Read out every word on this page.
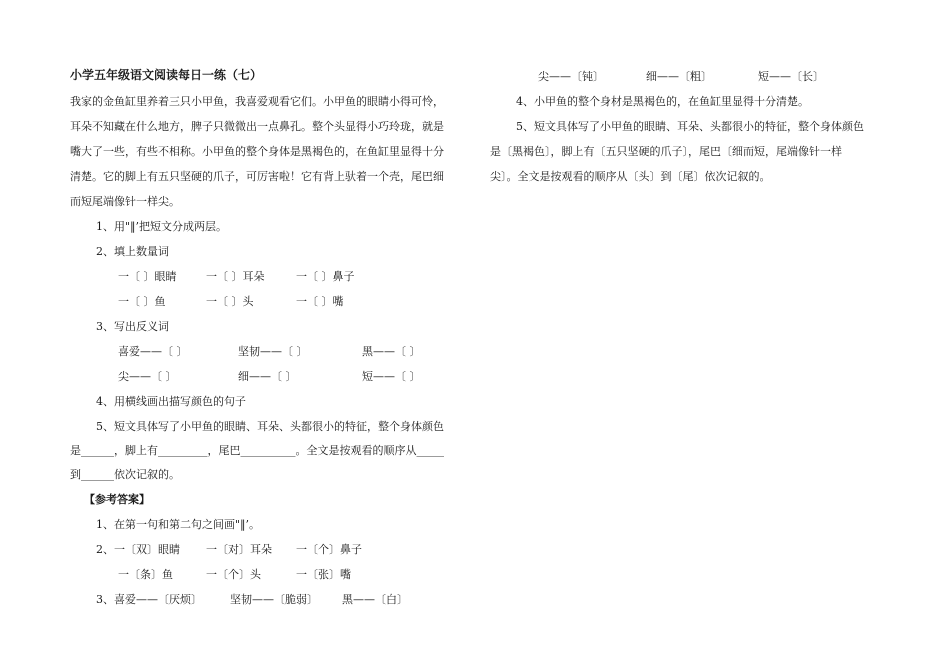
小学五年级语文阅读每日一练（七）
我家的金鱼缸里养着三只小甲鱼，我喜爱观看它们。小甲鱼的眼睛小得可怜，
耳朵不知藏在什么地方，脾子只微微出一点鼻孔。整个头显得小巧玲珑，就是
嘴大了一些，有些不相称。小甲鱼的整个身体是黑褐色的，在鱼缸里显得十分
清楚。它的脚上有五只坚硬的爪子，可厉害啦！它有背上驮着一个壳，尾巴细
而短尾端像针一样尖。
1、用"‖’把短文分成两层。
2、填上数量词
一〔 〕眼睛	一〔 〕耳朵	一〔 〕鼻子
一〔 〕鱼	一〔 〕头	一〔 〕嘴
3、写出反义词
喜爱——〔 〕	坚韧——〔 〕	黑——〔 〕
尖——〔 〕	细——〔 〕	短——〔 〕
4、用横线画出描写颜色的句子
5、短文具体写了小甲鱼的眼睛、耳朵、头都很小的特征，整个身体颜色
是______，脚上有_________，尾巴__________。全文是按观看的顺序从_____
到______依次记叙的。
【参考答案】
1、在第一句和第二句之间画"‖’。
2、一〔双〕眼睛 一〔对〕耳朵 一〔个〕鼻子
一〔条〕鱼	一〔个〕头	一〔张〕嘴
3、喜爱——〔厌烦〕	坚韧——〔脆弱〕 黑——〔白〕
尖——〔钝〕	细——〔粗〕	短——〔长〕
4、小甲鱼的整个身材是黑褐色的，在鱼缸里显得十分清楚。
5、短文具体写了小甲鱼的眼睛、耳朵、头都很小的特征，整个身体颜色
是〔黑褐色〕，脚上有〔五只坚硬的爪子〕，尾巴〔细而短，尾端像针一样
尖〕。全文是按观看的顺序从〔头〕到〔尾〕依次记叙的。
